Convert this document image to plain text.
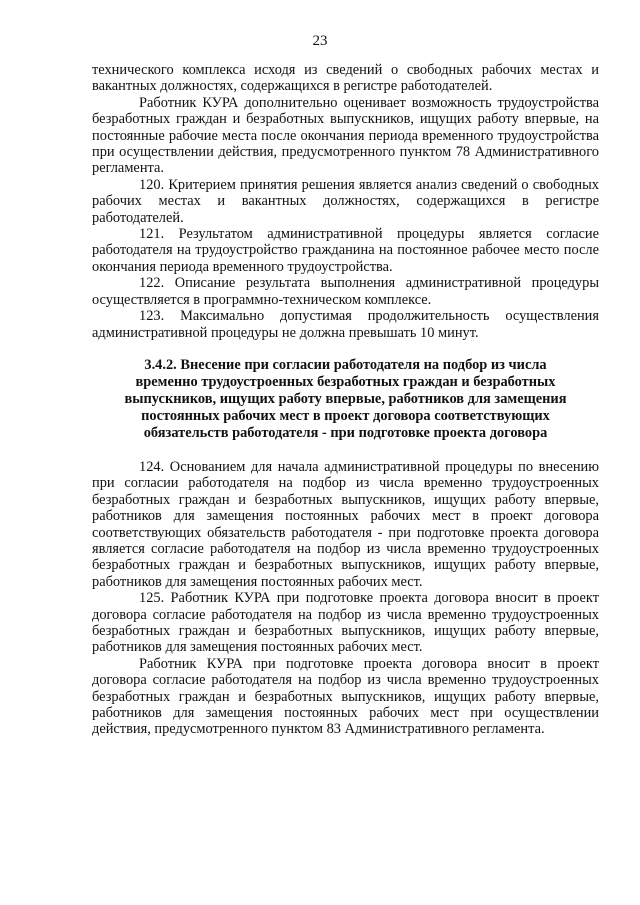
23

технического комплекса исходя из сведений о свободных рабочих местах и вакантных должностях, содержащихся в регистре работодателей.

Работник КУРА дополнительно оценивает возможность трудоустройства безработных граждан и безработных выпускников, ищущих работу впервые, на постоянные рабочие места после окончания периода временного трудоустройства при осуществлении действия, предусмотренного пунктом 78 Административного регламента.

120. Критерием принятия решения является анализ сведений о свободных рабочих местах и вакантных должностях, содержащихся в регистре работодателей.

121. Результатом административной процедуры является согласие работодателя на трудоустройство гражданина на постоянное рабочее место после окончания периода временного трудоустройства.

122. Описание результата выполнения административной процедуры осуществляется в программно-техническом комплексе.

123. Максимально допустимая продолжительность осуществления административной процедуры не должна превышать 10 минут.

3.4.2. Внесение при согласии работодателя на подбор из числа
временно трудоустроенных безработных граждан и безработных
выпускников, ищущих работу впервые, работников для замещения
постоянных рабочих мест в проект договора соответствующих
обязательств работодателя - при подготовке проекта договора

124. Основанием для начала административной процедуры по внесению при согласии работодателя на подбор из числа временно трудоустроенных безработных граждан и безработных выпускников, ищущих работу впервые, работников для замещения постоянных рабочих мест в проект договора соответствующих обязательств работодателя - при подготовке проекта договора является согласие работодателя на подбор из числа временно трудоустроенных безработных граждан и безработных выпускников, ищущих работу впервые, работников для замещения постоянных рабочих мест.

125. Работник КУРА при подготовке проекта договора вносит в проект договора согласие работодателя на подбор из числа временно трудоустроенных безработных граждан и безработных выпускников, ищущих работу впервые, работников для замещения постоянных рабочих мест.

Работник КУРА при подготовке проекта договора вносит в проект договора согласие работодателя на подбор из числа временно трудоустроенных безработных граждан и безработных выпускников, ищущих работу впервые, работников для замещения постоянных рабочих мест при осуществлении действия, предусмотренного пунктом 83 Административного регламента.
